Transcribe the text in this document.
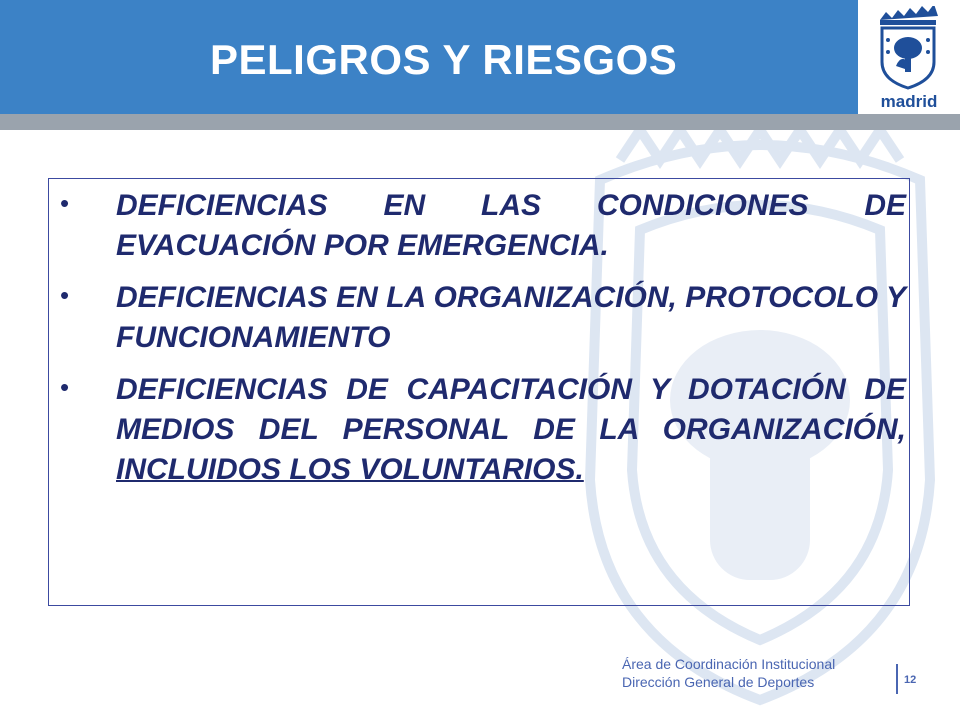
PELIGROS Y RIESGOS
madrid
• DEFICIENCIAS EN LAS CONDICIONES DE EVACUACIÓN POR EMERGENCIA.
• DEFICIENCIAS EN LA ORGANIZACIÓN, PROTOCOLO Y FUNCIONAMIENTO
• DEFICIENCIAS DE CAPACITACIÓN Y DOTACIÓN DE MEDIOS DEL PERSONAL DE LA ORGANIZACIÓN, INCLUIDOS LOS VOLUNTARIOS.
Área de Coordinación Institucional
Dirección General de Deportes	12
